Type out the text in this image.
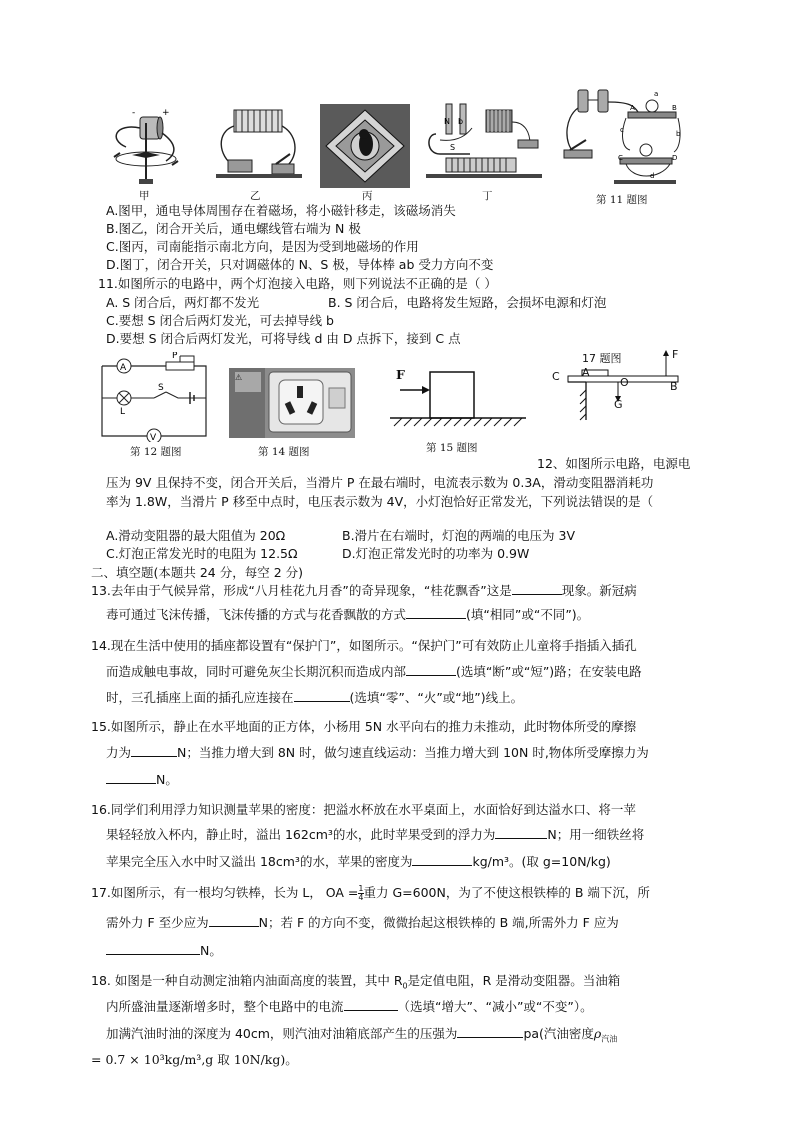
+
-
N b
S
A	B
a
b
C	D
c
d
甲	乙	丙	丁	第 11 题图
A.图甲，通电导体周围存在着磁场，将小磁针移走，该磁场消失
B.图乙，闭合开关后，通电螺线管右端为 N 极
C.图丙，司南能指示南北方向，是因为受到地磁场的作用
D.图丁，闭合开关，只对调磁体的 N、S 极，导体棒 ab 受力方向不变
11.如图所示的电路中，两个灯泡接入电路，则下列说法不正确的是（ ）
A. S 闭合后，两灯都不发光	B. S 闭合后，电路将发生短路，会损坏电源和灯泡
C.要想 S 闭合后两灯发光，可去掉导线 b
D.要想 S 闭合后两灯发光，可将导线 d 由 D 点拆下，接到 C 点
P
A
L
S
V
第 12 题图
⚠
第 14 题图
F
第 15 题图
17 题图	F
C A
O	B
G
12、如图所示电路，电源电
压为 9V 且保持不变，闭合开关后，当滑片 P 在最右端时，电流表示数为 0.3A，滑动变阻器消耗功
率为 1.8W，当滑片 P 移至中点时，电压表示数为 4V，小灯泡恰好正常发光，下列说法错误的是（
A.滑动变阻器的最大阻值为 20Ω	B.滑片在右端时，灯泡的两端的电压为 3V
C.灯泡正常发光时的电阻为 12.5Ω	D.灯泡正常发光时的功率为 0.9W
二、填空题(本题共 24 分，每空 2 分)
13.去年由于气候异常，形成“八月桂花九月香”的奇异现象，“桂花飘香”这是	现象。新冠病
毒可通过飞沫传播，飞沫传播的方式与花香飘散的方式	(填“相同”或“不同”)。
14.现在生活中使用的插座都设置有“保护门”，如图所示。“保护门”可有效防止儿童将手指插入插孔
而造成触电事故，同时可避免灰尘长期沉积而造成内部	(选填“断”或“短”)路；在安装电路
时，三孔插座上面的插孔应连接在	(选填“零”、“火”或“地”)线上。
15.如图所示，静止在水平地面的正方体，小杨用 5N 水平向右的推力未推动，此时物体所受的摩擦
力为	N；当推力增大到 8N 时，做匀速直线运动：当推力增大到 10N 时,物体所受摩擦力为
N。
16.同学们利用浮力知识测量苹果的密度：把溢水杯放在水平桌面上，水面恰好到达溢水口、将一苹
果轻轻放入杯内，静止时，溢出 162cm³的水，此时苹果受到的浮力为	N；用一细铁丝将
苹果完全压入水中时又溢出 18cm³的水，苹果的密度为	kg/m³。(取 g=10N/kg)
17.如图所示，有一根均匀铁棒，长为 L， OA = $\frac{1}{4}$ 重力 G=600N，为了不使这根铁棒的 B 端下沉，所
需外力 F 至少应为	N；若 F 的方向不变，微微抬起这根铁棒的 B 端,所需外力 F 应为
N。
18. 如图是一种自动测定油箱内油面高度的装置，其中 $R_0$是定值电阻，R 是滑动变阻器。当油箱
内所盛油量逐渐增多时，整个电路中的电流	（选填“增大”、“减小”或“不变”）。
加满汽油时油的深度为 40cm，则汽油对油箱底部产生的压强为	pa(汽油密度$\rho_{汽油}$
= 0.7 × 10³kg/m³,g 取 10N/kg)。
